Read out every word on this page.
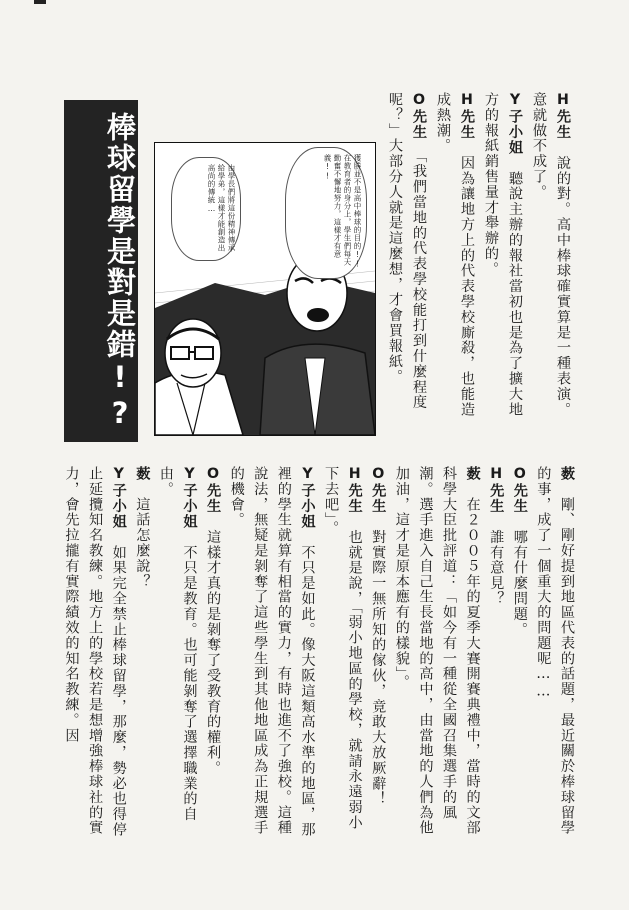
H先生　說的對。高中棒球確實算是一種表演。意就做不成了。

Y子小姐　聽說主辦的報社當初也是為了擴大地方的報紙銷售量才舉辦的。

H先生　因為讓地方上的代表學校廝殺，也能造成熱潮。

O先生　「我們當地的代表學校能打到什麼程度呢？」大部分人就是這麼想，才會買報紙。

棒球留學是對是錯!?	獲勝並不是高中棒球的目的!!在教育者的身分上，學生們每天勤奮不懈地努力，這樣才有意義!!
由學長們將這份精神傳承給學弟，這樣才能創造出高尚的傳統…

薮　剛、剛好提到地區代表的話題，最近關於棒球留學的事，成了一個重大的問題呢……

O先生　哪有什麼問題。

H先生　誰有意見？

薮　在２００５年的夏季大賽開賽典禮中，當時的文部科學大臣批評道：「如今有一種從全國召集選手的風潮。選手進入自己生長當地的高中，由當地的人們為他加油，這才是原本應有的樣貌」。

O先生　對實際一無所知的傢伙，竟敢大放厥辭！

H先生　也就是說，「弱小地區的學校，就請永遠弱小下去吧」。

Y子小姐　不只是如此。像大阪這類高水準的地區，那裡的學生就算有相當的實力，有時也進不了強校。這種說法，無疑是剝奪了這些學生到其他地區成為正規選手的機會。

O先生　這樣才真的是剝奪了受教育的權利。

Y子小姐　不只是教育。也可能剝奪了選擇職業的自由。

薮　這話怎麼說？

Y子小姐　如果完全禁止棒球留學，那麼，勢必也得停止延攬知名教練。地方上的學校若是想增強棒球社的實力，會先拉攏有實際績效的知名教練。因
